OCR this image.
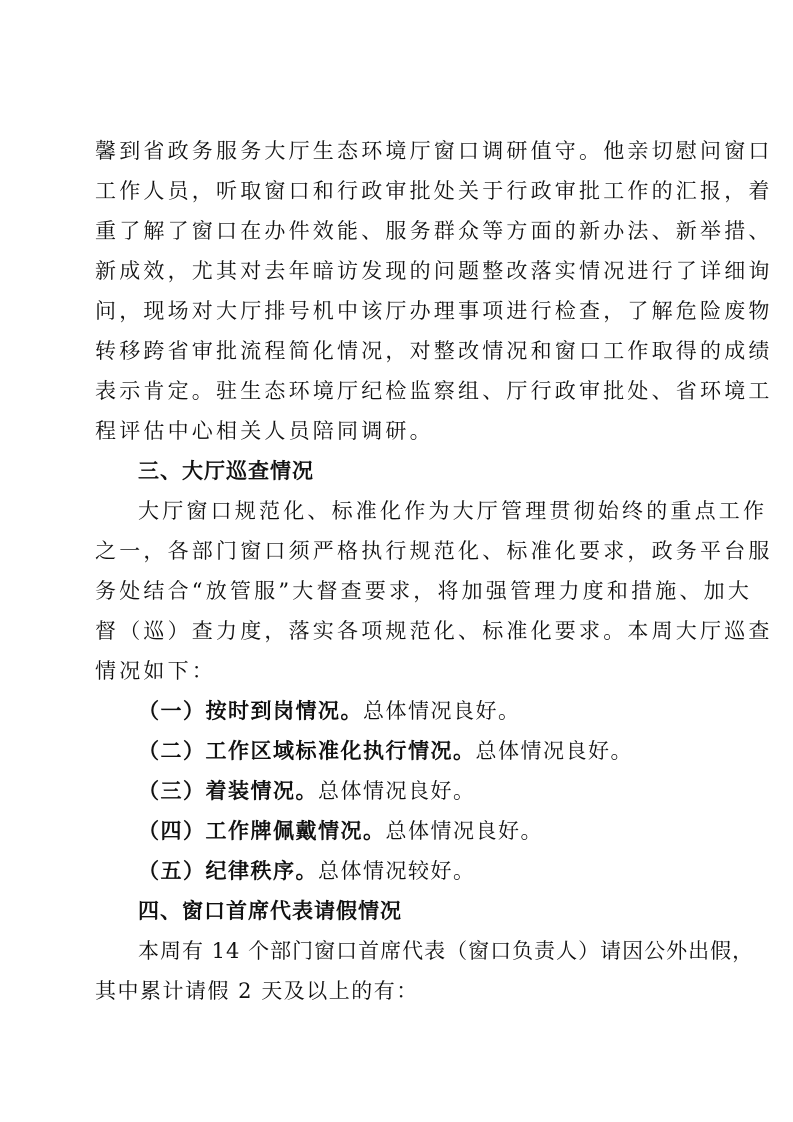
馨到省政务服务大厅生态环境厅窗口调研值守。他亲切慰问窗口
工作人员，听取窗口和行政审批处关于行政审批工作的汇报，着
重了解了窗口在办件效能、服务群众等方面的新办法、新举措、
新成效，尤其对去年暗访发现的问题整改落实情况进行了详细询
问，现场对大厅排号机中该厅办理事项进行检查，了解危险废物
转移跨省审批流程简化情况，对整改情况和窗口工作取得的成绩
表示肯定。驻生态环境厅纪检监察组、厅行政审批处、省环境工
程评估中心相关人员陪同调研。
三、大厅巡查情况
大厅窗口规范化、标准化作为大厅管理贯彻始终的重点工作
之一，各部门窗口须严格执行规范化、标准化要求，政务平台服
务处结合“放管服”大督查要求，将加强管理力度和措施、加大
督（巡）查力度，落实各项规范化、标准化要求。本周大厅巡查
情况如下：
（一）按时到岗情况。总体情况良好。
（二）工作区域标准化执行情况。总体情况良好。
（三）着装情况。总体情况良好。
（四）工作牌佩戴情况。总体情况良好。
（五）纪律秩序。总体情况较好。
四、窗口首席代表请假情况
本周有 14 个部门窗口首席代表（窗口负责人）请因公外出假，
其中累计请假 2 天及以上的有：
